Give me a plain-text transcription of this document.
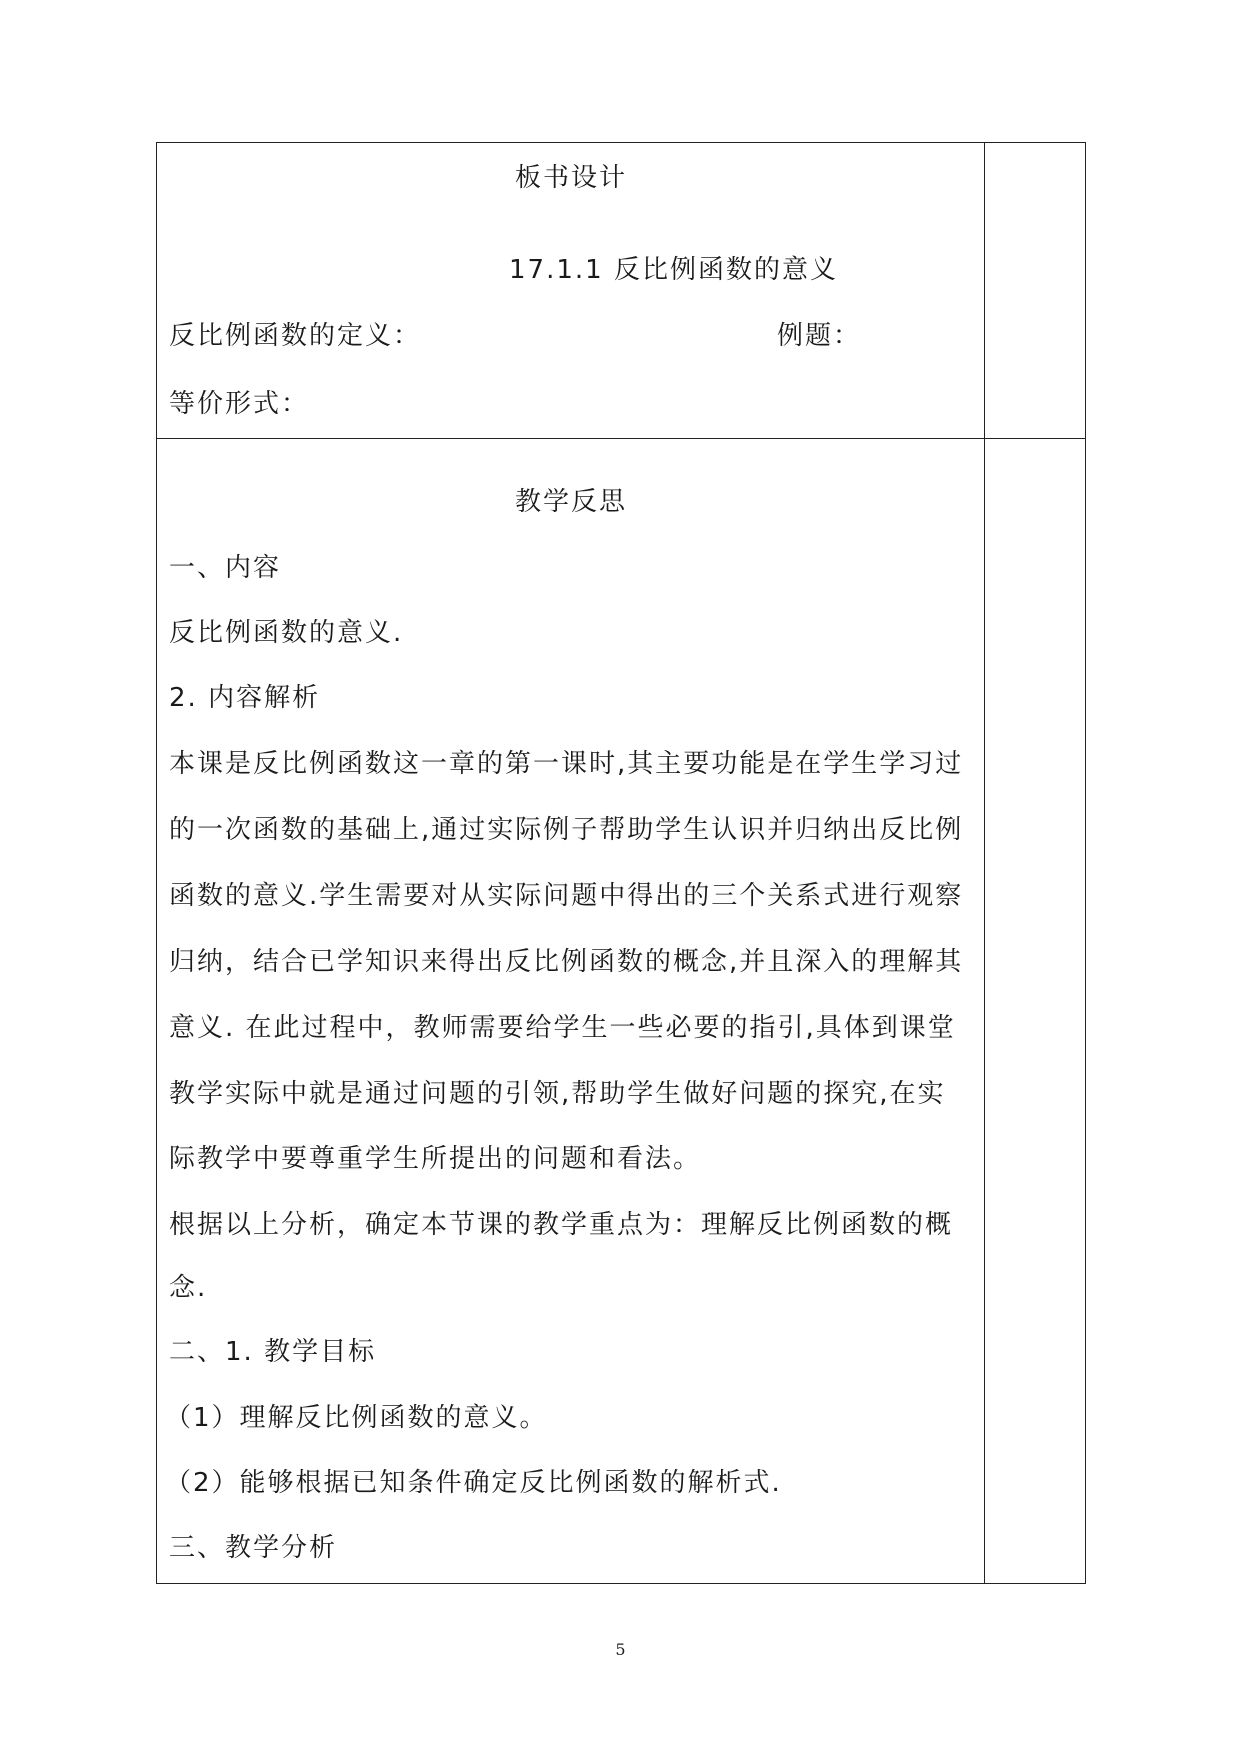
板书设计
17.1.1 反比例函数的意义
反比例函数的定义：	例题：
等价形式：
教学反思
一、内容
反比例函数的意义.
2. 内容解析
本课是反比例函数这一章的第一课时,其主要功能是在学生学习过
的一次函数的基础上,通过实际例子帮助学生认识并归纳出反比例
函数的意义.学生需要对从实际问题中得出的三个关系式进行观察
归纳，结合已学知识来得出反比例函数的概念,并且深入的理解其
意义. 在此过程中，教师需要给学生一些必要的指引,具体到课堂
教学实际中就是通过问题的引领,帮助学生做好问题的探究,在实
际教学中要尊重学生所提出的问题和看法。
根据以上分析，确定本节课的教学重点为：理解反比例函数的概
念.
二、1. 教学目标
（1）理解反比例函数的意义。
（2）能够根据已知条件确定反比例函数的解析式.
三、教学分析
5
